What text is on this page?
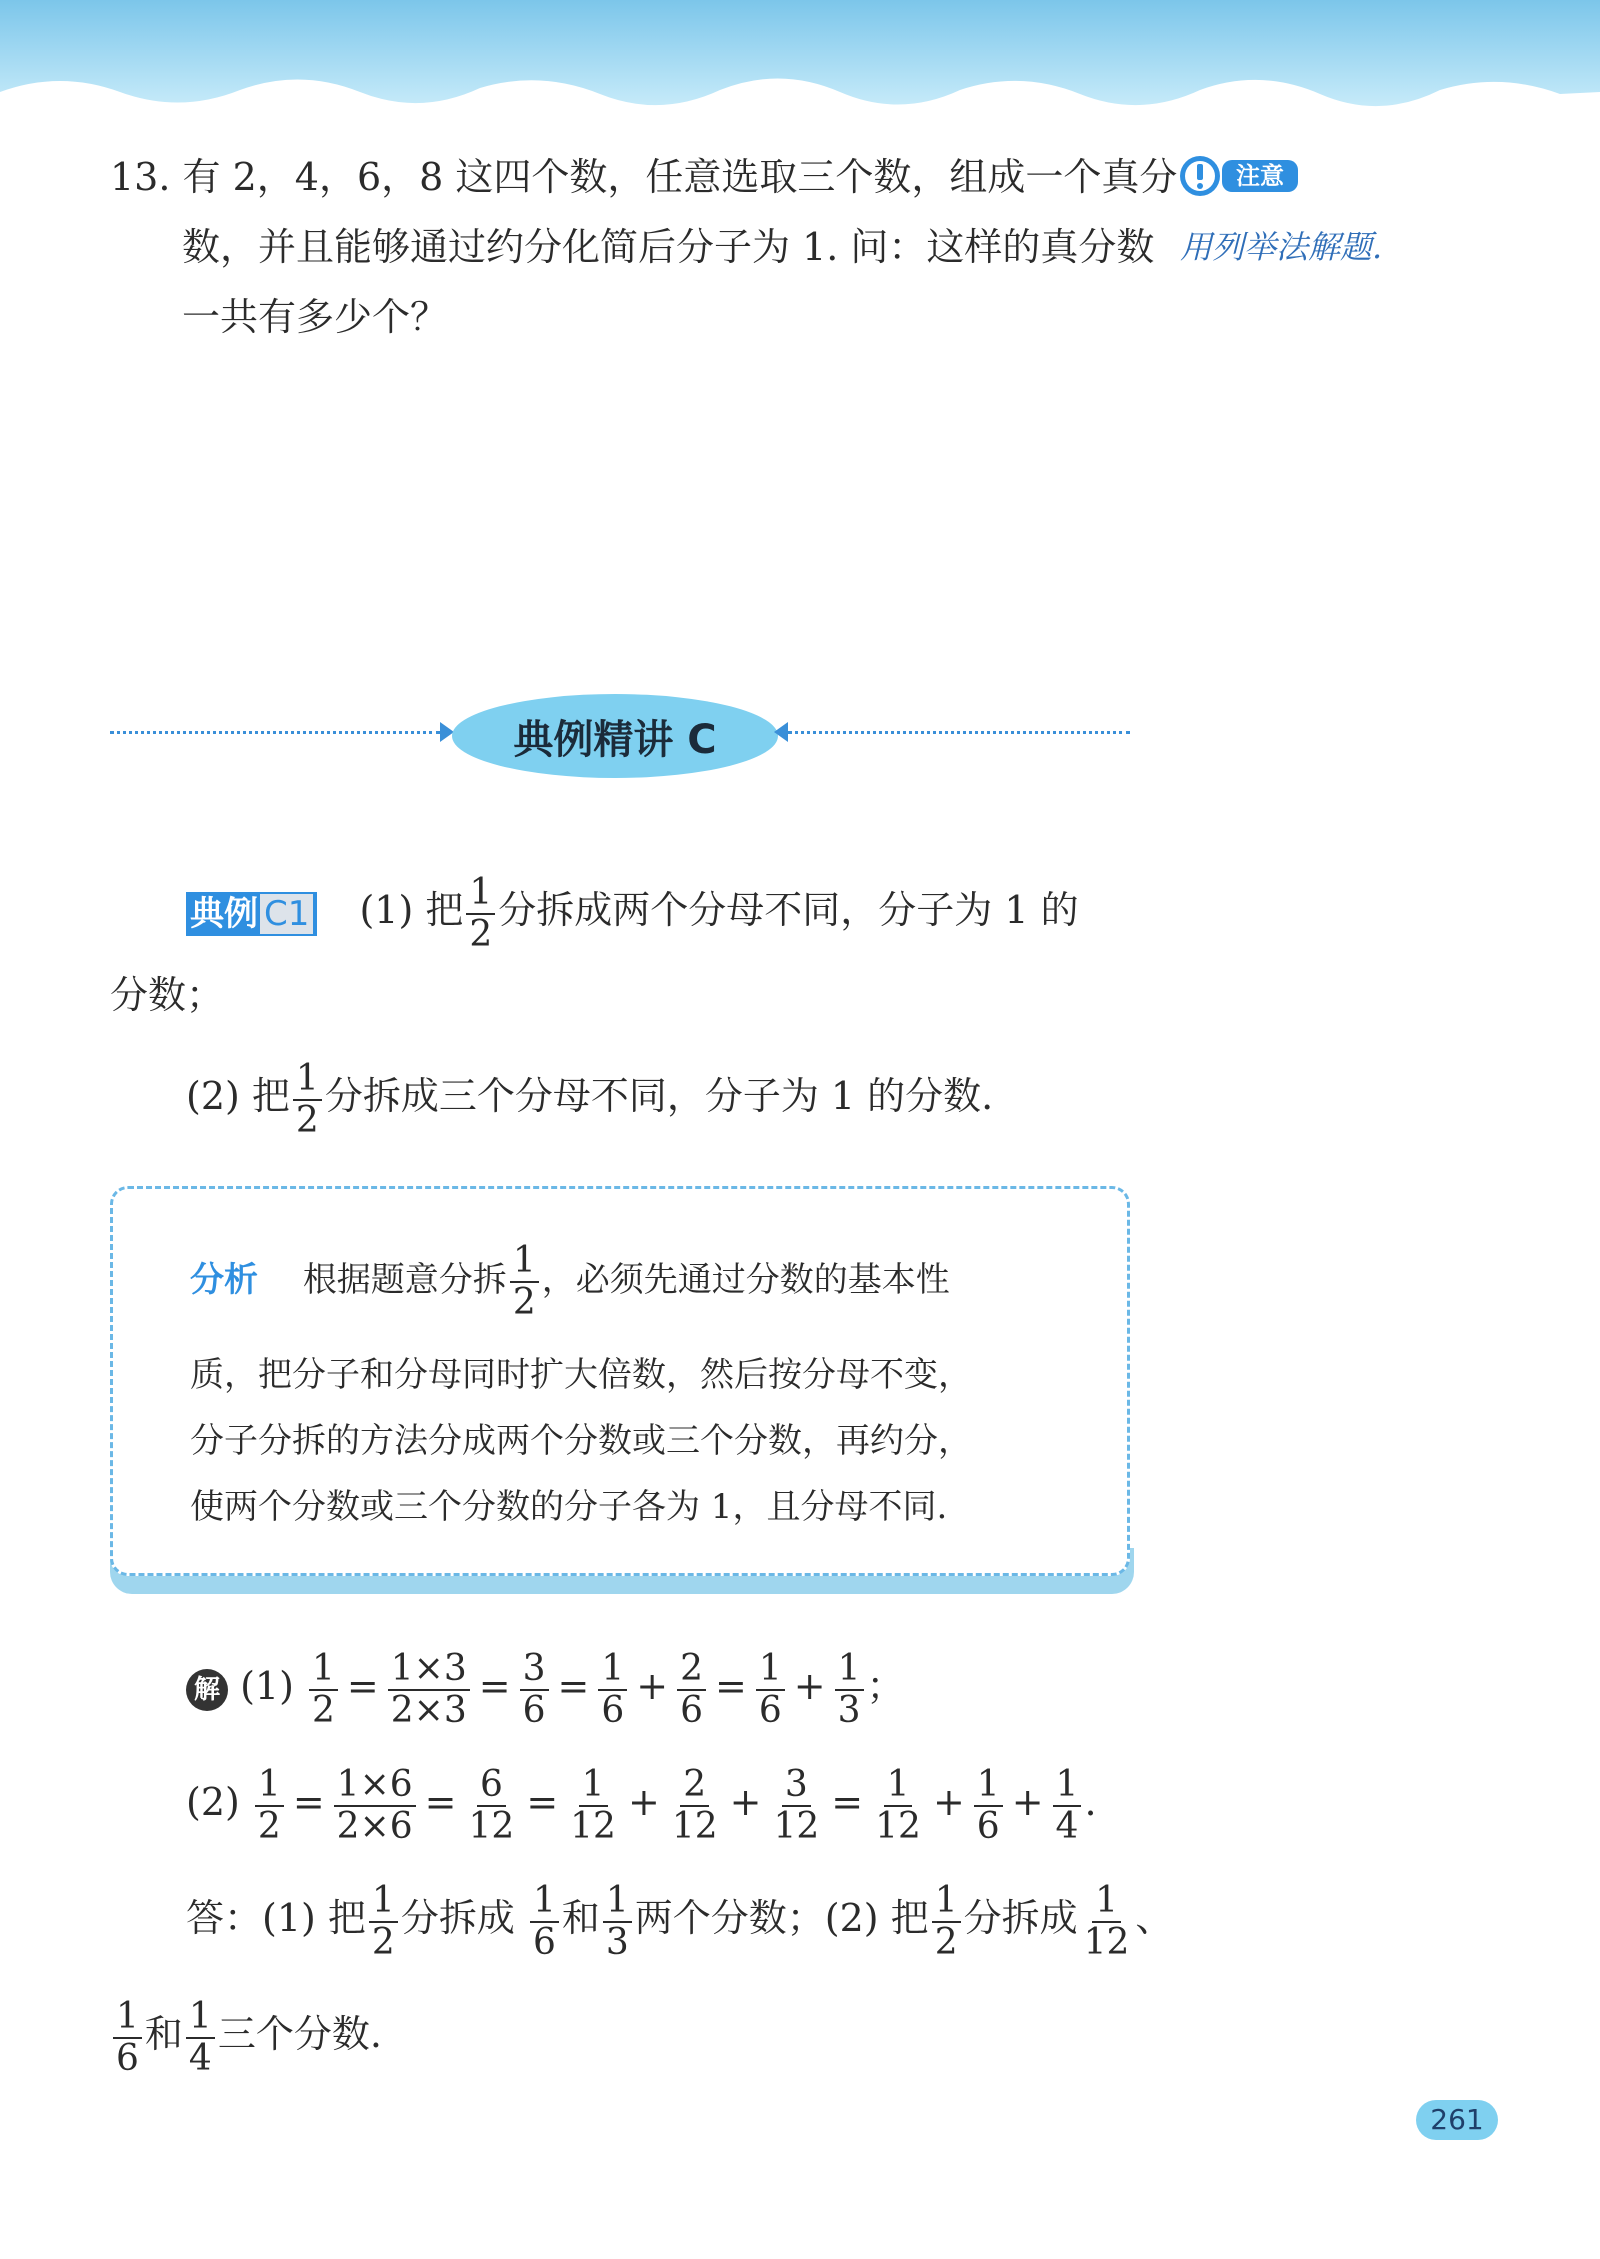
13. 有 2，4，6，8 这四个数，任意选取三个数，组成一个真分
数，并且能够通过约分化简后分子为 1. 问：这样的真分数
一共有多少个？
注意
用列举法解题.
典例精讲 C
典例 C1 (1) 把 $\frac{1}{2}$ 分拆成两个分母不同，分子为 1 的
分数；
(2) 把 $\frac{1}{2}$ 分拆成三个分母不同，分子为 1 的分数.
分析 根据题意分拆 $\frac{1}{2}$ ，必须先通过分数的基本性
质，把分子和分母同时扩大倍数，然后按分母不变，
分子分拆的方法分成两个分数或三个分数，再约分，
使两个分数或三个分数的分子各为 1，且分母不同.
解 $(1) \frac{1}{2} = \frac{1\times 3}{2\times 3} = \frac{3}{6} = \frac{1}{6} + \frac{2}{6} = \frac{1}{6} + \frac{1}{3}$ ；
$(2) \frac{1}{2} = \frac{1\times 6}{2\times 6} = \frac{6}{12} = \frac{1}{12} + \frac{2}{12} + \frac{3}{12} = \frac{1}{12} + \frac{1}{6} + \frac{1}{4}$ .
答：(1) 把 $\frac{1}{2}$ 分拆成 $\frac{1}{6}$ 和 $\frac{1}{3}$ 两个分数；(2) 把 $\frac{1}{2}$ 分拆成 $\frac{1}{12}$ 、
$\frac{1}{6}$ 和 $\frac{1}{4}$ 三个分数.
261
